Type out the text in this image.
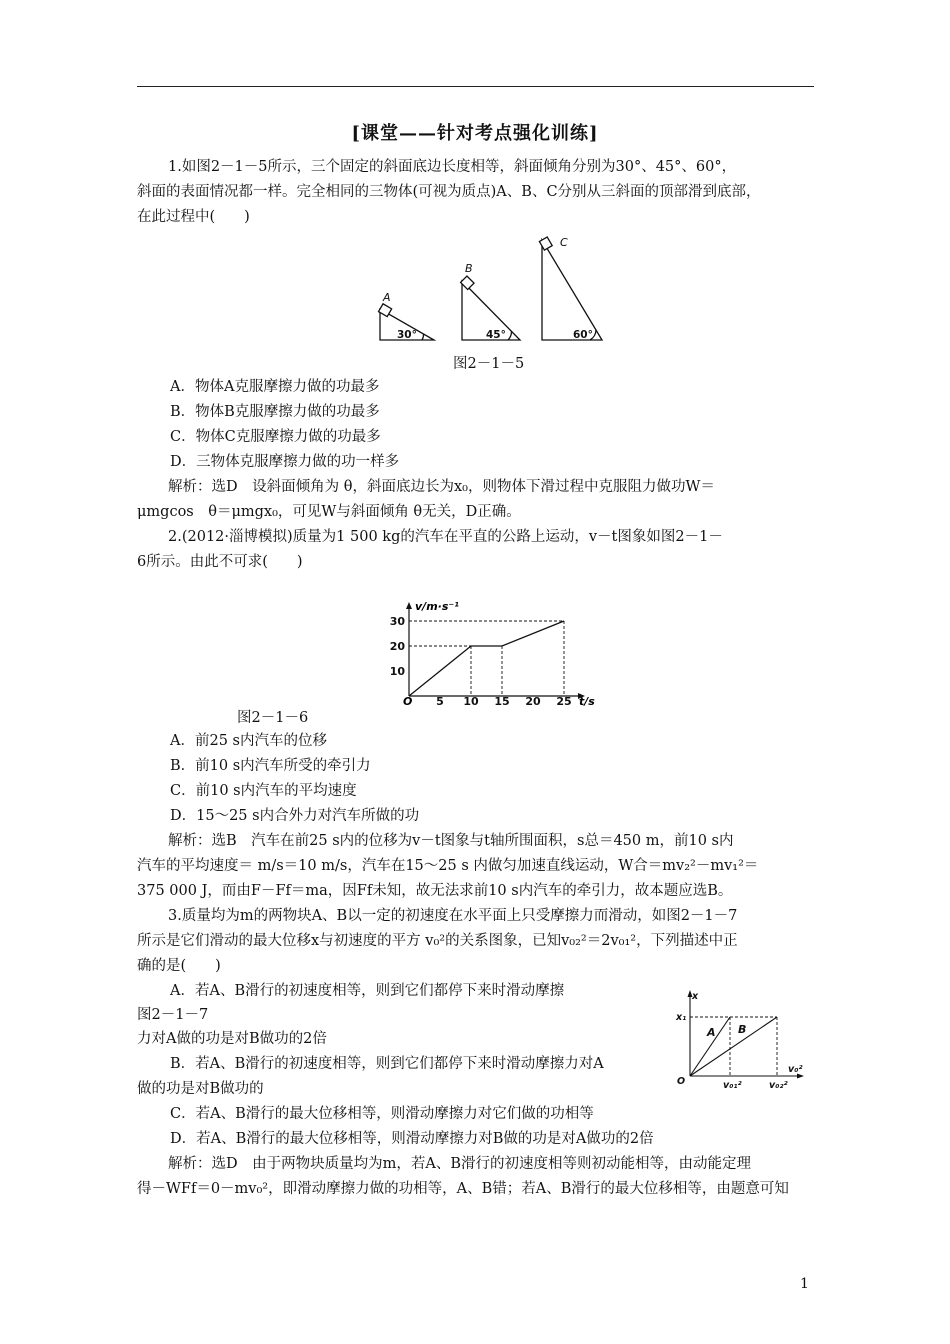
[课堂——针对考点强化训练]
1.如图2－1－5所示，三个固定的斜面底边长度相等，斜面倾角分别为30°、45°、60°，
斜面的表面情况都一样。完全相同的三物体(可视为质点)A、B、C分别从三斜面的顶部滑到底部，
在此过程中(　　)
A
B
C
30°	45°	60°
图2－1－5
A．物体A克服摩擦力做的功最多
B．物体B克服摩擦力做的功最多
C．物体C克服摩擦力做的功最多
D．三物体克服摩擦力做的功一样多
解析：选D　设斜面倾角为 θ，斜面底边长为x₀，则物体下滑过程中克服阻力做功W＝
μmgcos　θ＝μmgx₀，可见W与斜面倾角 θ无关，D正确。
2.(2012·淄博模拟)质量为1 500 kg的汽车在平直的公路上运动，v－t图象如图2－1－
6所示。由此不可求(　　)
5 10 15 20 25
10
20
30
v/m·s⁻¹
t/s
O
图2－1－6
A．前25 s内汽车的位移
B．前10 s内汽车所受的牵引力
C．前10 s内汽车的平均速度
D．15～25 s内合外力对汽车所做的功
解析：选B　汽车在前25 s内的位移为v－t图象与t轴所围面积，s总＝450 m，前10 s内
汽车的平均速度＝ m/s＝10 m/s，汽车在15～25 s 内做匀加速直线运动，W合＝mv₂²－mv₁²＝
375 000 J，而由F－Ff＝ma，因Ff未知，故无法求前10 s内汽车的牵引力，故本题应选B。
3.质量均为m的两物块A、B以一定的初速度在水平面上只受摩擦力而滑动，如图2－1－7
所示是它们滑动的最大位移x与初速度的平方 v₀²的关系图象，已知v₀₂²＝2v₀₁²，下列描述中正
确的是(　　)
A．若A、B滑行的初速度相等，则到它们都停下来时滑动摩擦
图2－1－7
力对A做的功是对B做功的2倍
B．若A、B滑行的初速度相等，则到它们都停下来时滑动摩擦力对A
做的功是对B做功的
C．若A、B滑行的最大位移相等，则滑动摩擦力对它们做的功相等
D．若A、B滑行的最大位移相等，则滑动摩擦力对B做的功是对A做功的2倍
解析：选D　由于两物块质量均为m，若A、B滑行的初速度相等则初动能相等，由动能定理
得－WFf＝0－mv₀²，即滑动摩擦力做的功相等，A、B错；若A、B滑行的最大位移相等，由题意可知
x
x₁
v₀²
O	v₀₁²	v₀₂²
A B
1
